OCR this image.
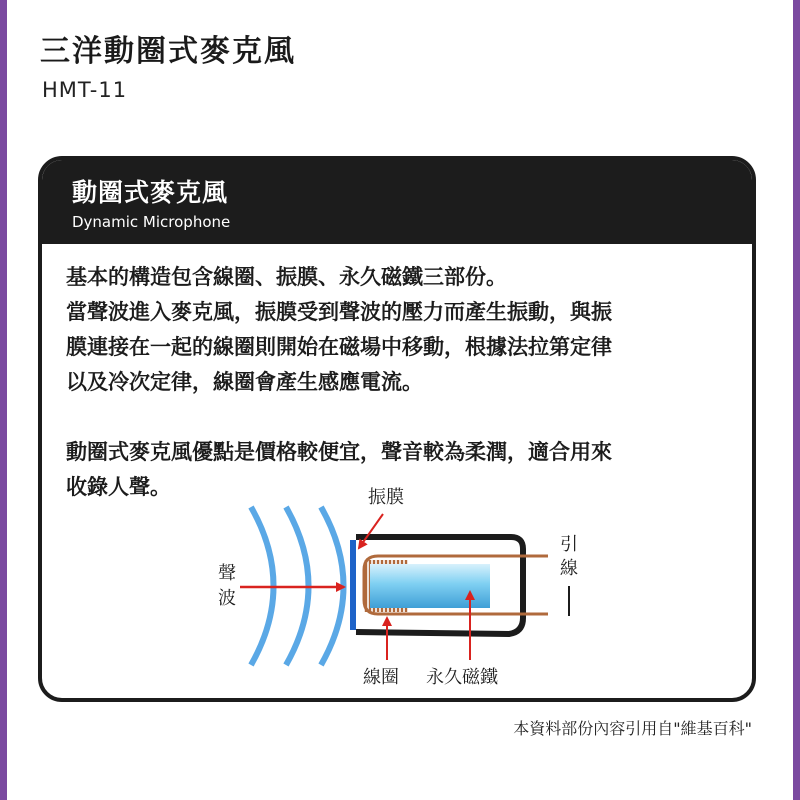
三洋動圈式麥克風
HMT-11
動圈式麥克風
Dynamic Microphone

基本的構造包含線圈、振膜、永久磁鐵三部份。

當聲波進入麥克風，振膜受到聲波的壓力而產生振動，與振

膜連接在一起的線圈則開始在磁場中移動，根據法拉第定律

以及冷次定律，線圈會產生感應電流。

動圈式麥克風優點是價格較便宜，聲音較為柔潤，適合用來

收錄人聲。	振膜
聲
波
引
線
線圈 永久磁鐵
本資料部份內容引用自"維基百科"
